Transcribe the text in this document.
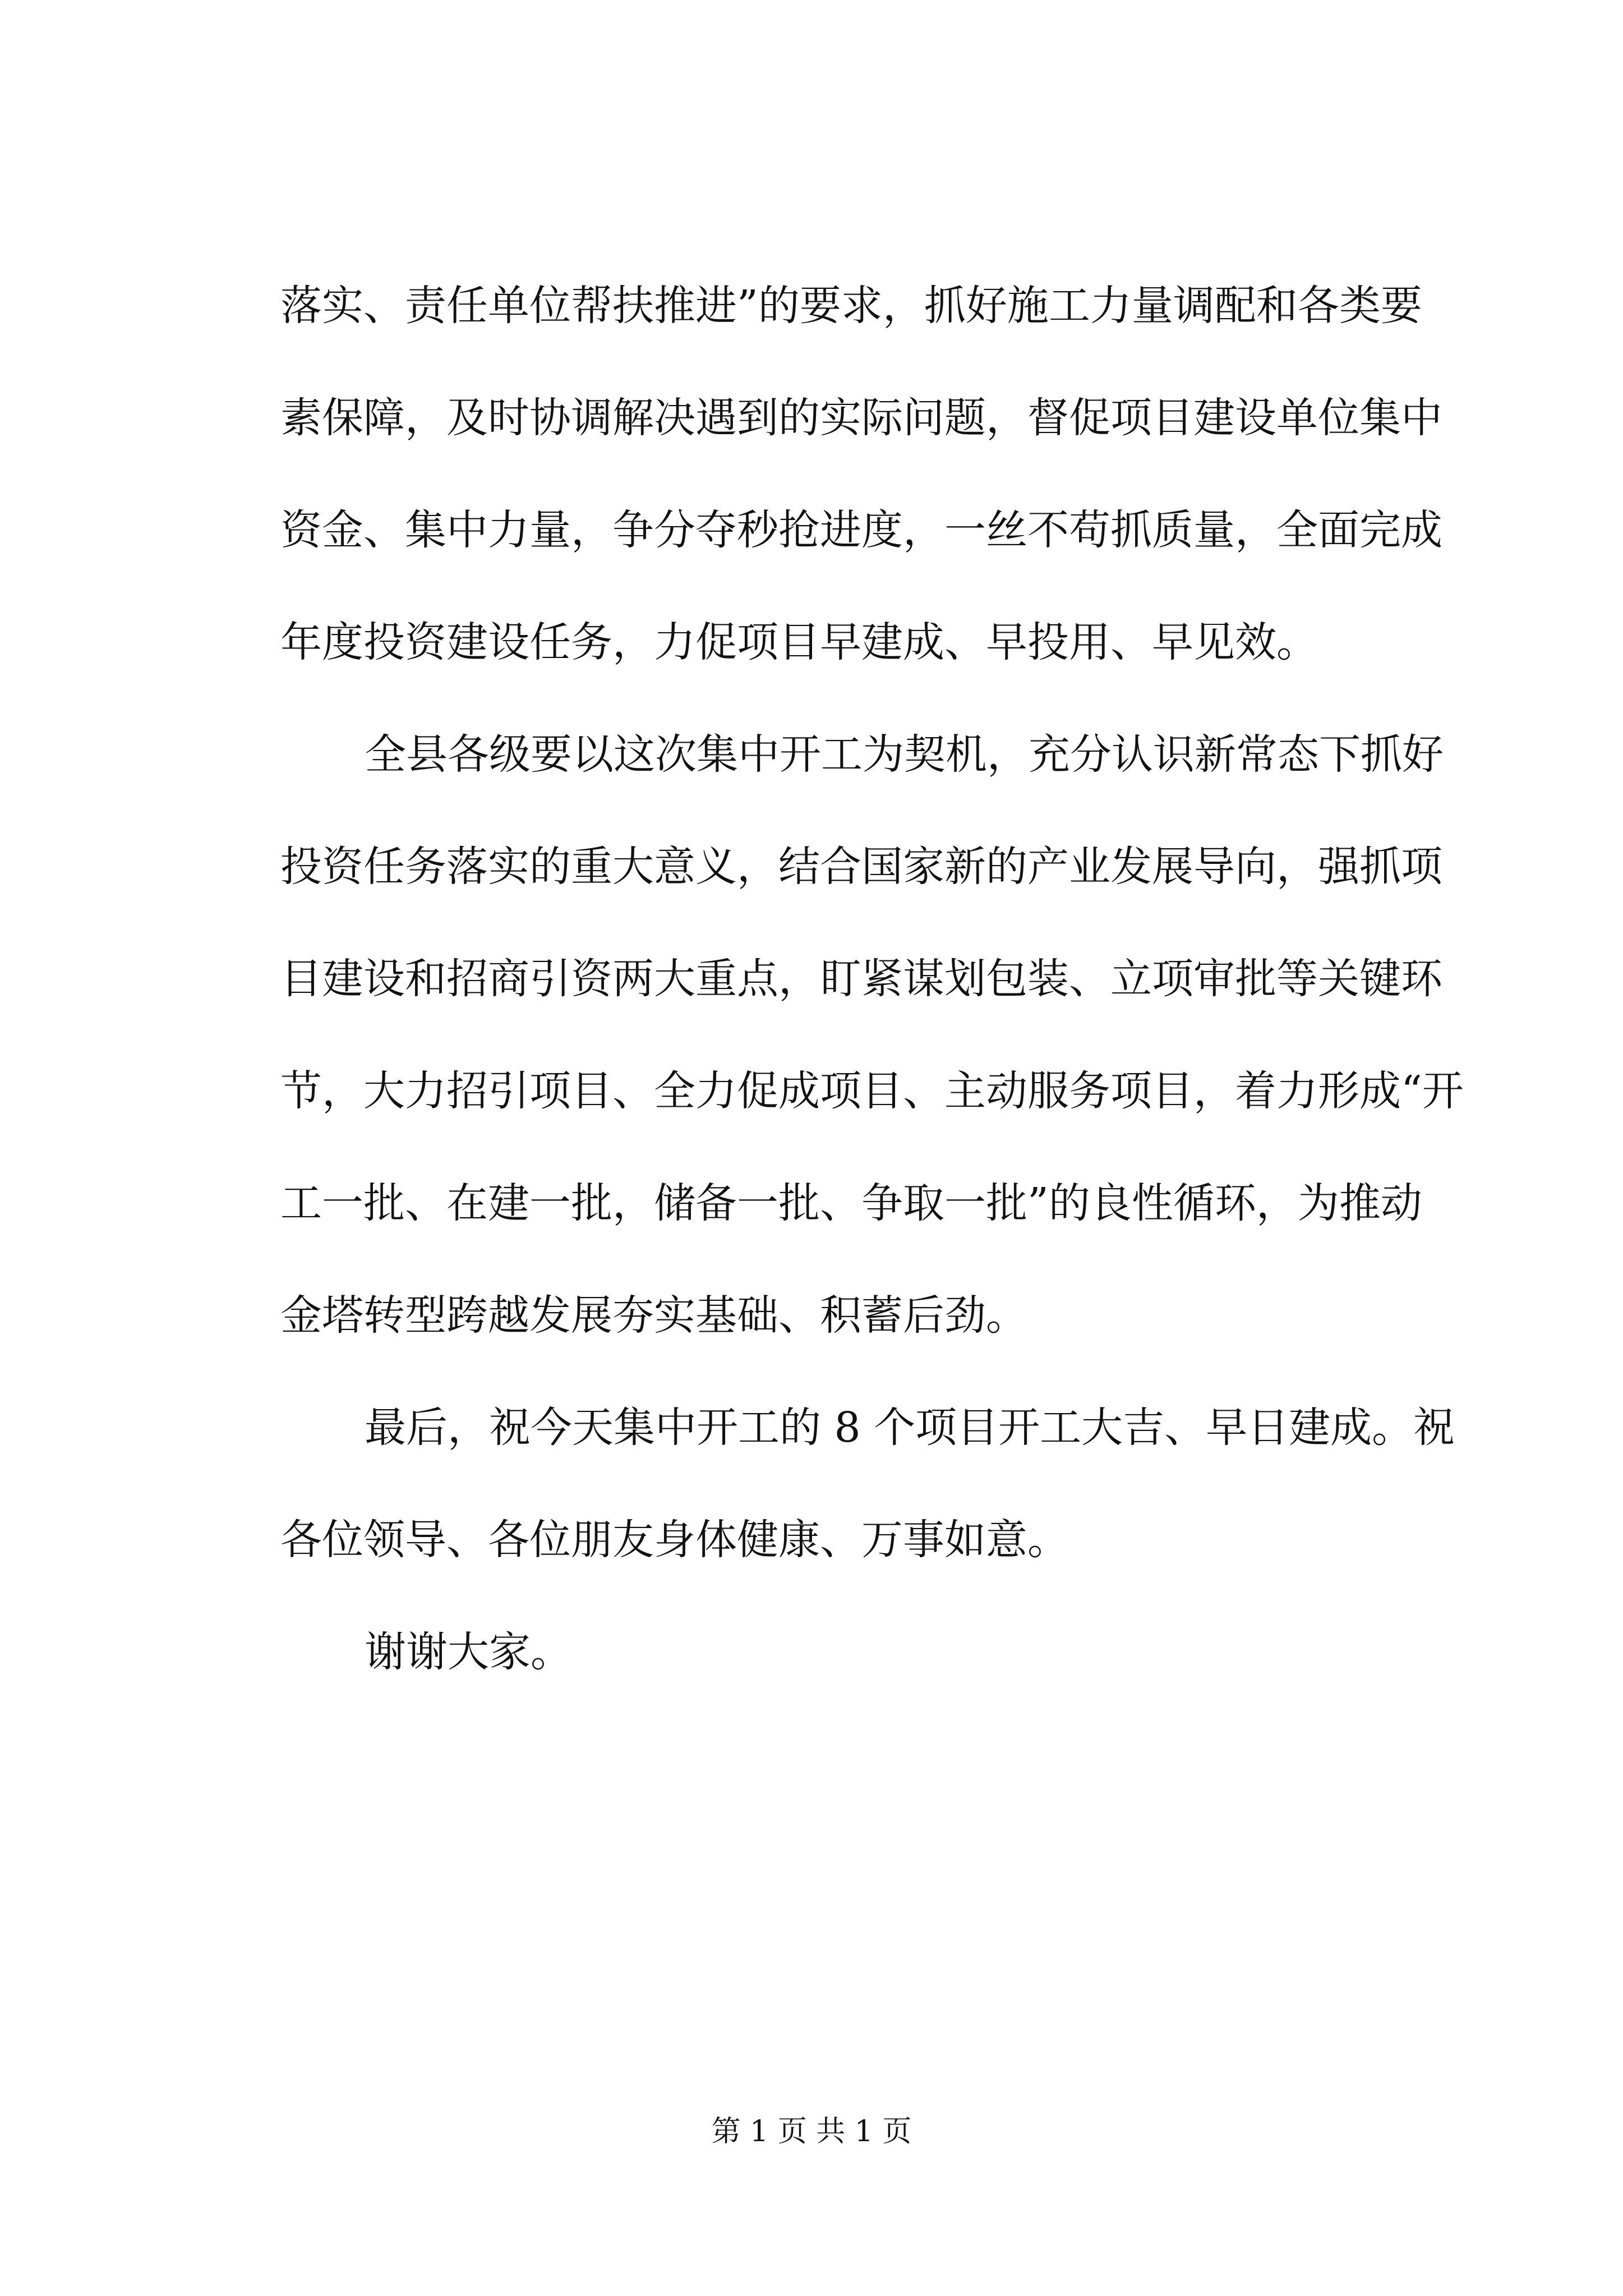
落实、责任单位帮扶推进”的要求，抓好施工力量调配和各类要
素保障，及时协调解决遇到的实际问题，督促项目建设单位集中
资金、集中力量，争分夺秒抢进度，一丝不苟抓质量，全面完成
年度投资建设任务，力促项目早建成、早投用、早见效。
全县各级要以这次集中开工为契机，充分认识新常态下抓好
投资任务落实的重大意义，结合国家新的产业发展导向，强抓项
目建设和招商引资两大重点，盯紧谋划包装、立项审批等关键环
节，大力招引项目、全力促成项目、主动服务项目，着力形成“开
工一批、在建一批，储备一批、争取一批”的良性循环，为推动
金塔转型跨越发展夯实基础、积蓄后劲。
最后，祝今天集中开工的 8 个项目开工大吉、早日建成。祝
各位领导、各位朋友身体健康、万事如意。
谢谢大家。
第 1 页 共 1 页
